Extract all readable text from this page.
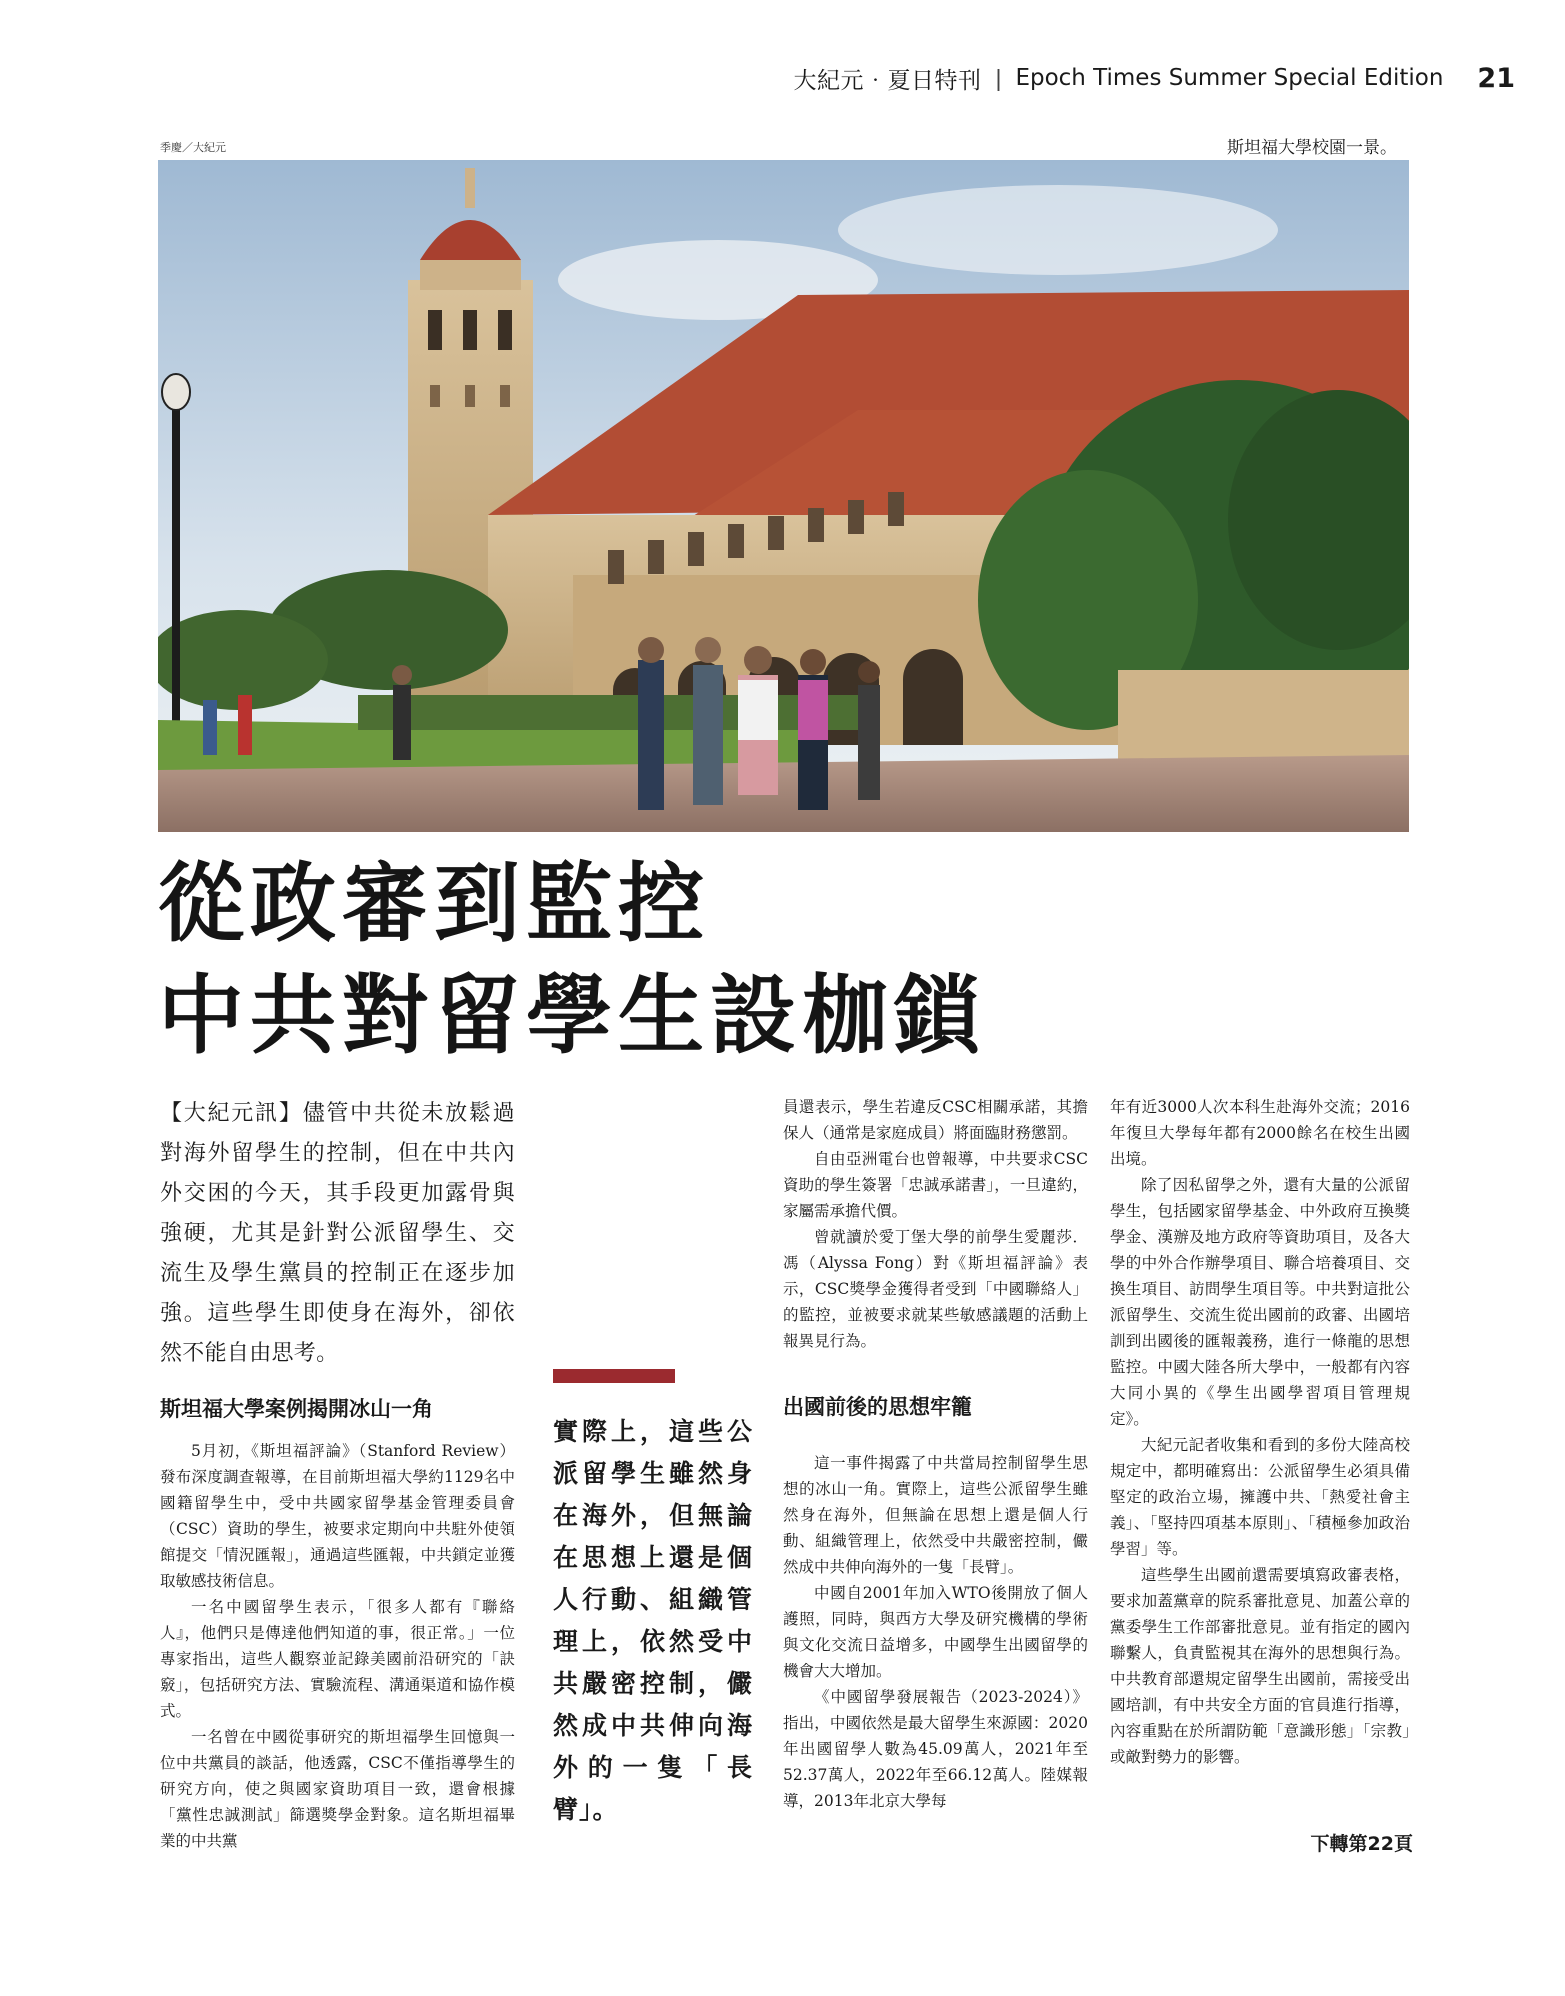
大紀元‧夏日特刊 | Epoch Times Summer Special Edition 21
季慶／大紀元	斯坦福大學校園一景。
從政審到監控
中共對留學生設枷鎖

【大紀元訊】儘管中共從未放鬆過對海外留學生的控制，但在中共內外交困的今天，其手段更加露骨與強硬，尤其是針對公派留學生、交流生及學生黨員的控制正在逐步加強。這些學生即使身在海外，卻依然不能自由思考。

斯坦福大學案例揭開冰山一角

5月初，《斯坦福評論》（Stanford Review）發布深度調查報導，在目前斯坦福大學約1129名中國籍留學生中，受中共國家留學基金管理委員會（CSC）資助的學生，被要求定期向中共駐外使領館提交「情況匯報」，通過這些匯報，中共鎖定並獲取敏感技術信息。

一名中國留學生表示，「很多人都有『聯絡人』，他們只是傳達他們知道的事，很正常。」一位專家指出，這些人觀察並記錄美國前沿研究的「訣竅」，包括研究方法、實驗流程、溝通渠道和協作模式。

一名曾在中國從事研究的斯坦福學生回憶與一位中共黨員的談話，他透露，CSC不僅指導學生的研究方向，使之與國家資助項目一致，還會根據「黨性忠誠測試」篩選獎學金對象。這名斯坦福畢業的中共黨

實際上，這些公派留學生雖然身在海外，但無論在思想上還是個人行動、組織管理上，依然受中共嚴密控制，儼然成中共伸向海外的一隻「長臂」。

員還表示，學生若違反CSC相關承諾，其擔保人（通常是家庭成員）將面臨財務懲罰。

自由亞洲電台也曾報導，中共要求CSC資助的學生簽署「忠誠承諾書」，一旦違約，家屬需承擔代價。

曾就讀於愛丁堡大學的前學生愛麗莎．馮（Alyssa Fong）對《斯坦福評論》表示，CSC獎學金獲得者受到「中國聯絡人」的監控，並被要求就某些敏感議題的活動上報異見行為。

出國前後的思想牢籠

這一事件揭露了中共當局控制留學生思想的冰山一角。實際上，這些公派留學生雖然身在海外，但無論在思想上還是個人行動、組織管理上，依然受中共嚴密控制，儼然成中共伸向海外的一隻「長臂」。

中國自2001年加入WTO後開放了個人護照，同時，與西方大學及研究機構的學術與文化交流日益增多，中國學生出國留學的機會大大增加。

《中國留學發展報告（2023-2024）》指出，中國依然是最大留學生來源國：2020年出國留學人數為45.09萬人，2021年至52.37萬人，2022年至66.12萬人。陸媒報導，2013年北京大學每

年有近3000人次本科生赴海外交流；2016年復旦大學每年都有2000餘名在校生出國出境。

除了因私留學之外，還有大量的公派留學生，包括國家留學基金、中外政府互換獎學金、漢辦及地方政府等資助項目，及各大學的中外合作辦學項目、聯合培養項目、交換生項目、訪問學生項目等。中共對這批公派留學生、交流生從出國前的政審、出國培訓到出國後的匯報義務，進行一條龍的思想監控。中國大陸各所大學中，一般都有內容大同小異的《學生出國學習項目管理規定》。

大紀元記者收集和看到的多份大陸高校規定中，都明確寫出：公派留學生必須具備堅定的政治立場，擁護中共、「熱愛社會主義」、「堅持四項基本原則」、「積極參加政治學習」等。

這些學生出國前還需要填寫政審表格，要求加蓋黨章的院系審批意見、加蓋公章的黨委學生工作部審批意見。並有指定的國內聯繫人，負責監視其在海外的思想與行為。中共教育部還規定留學生出國前，需接受出國培訓，有中共安全方面的官員進行指導，內容重點在於所謂防範「意識形態」「宗教」或敵對勢力的影響。

下轉第22頁
